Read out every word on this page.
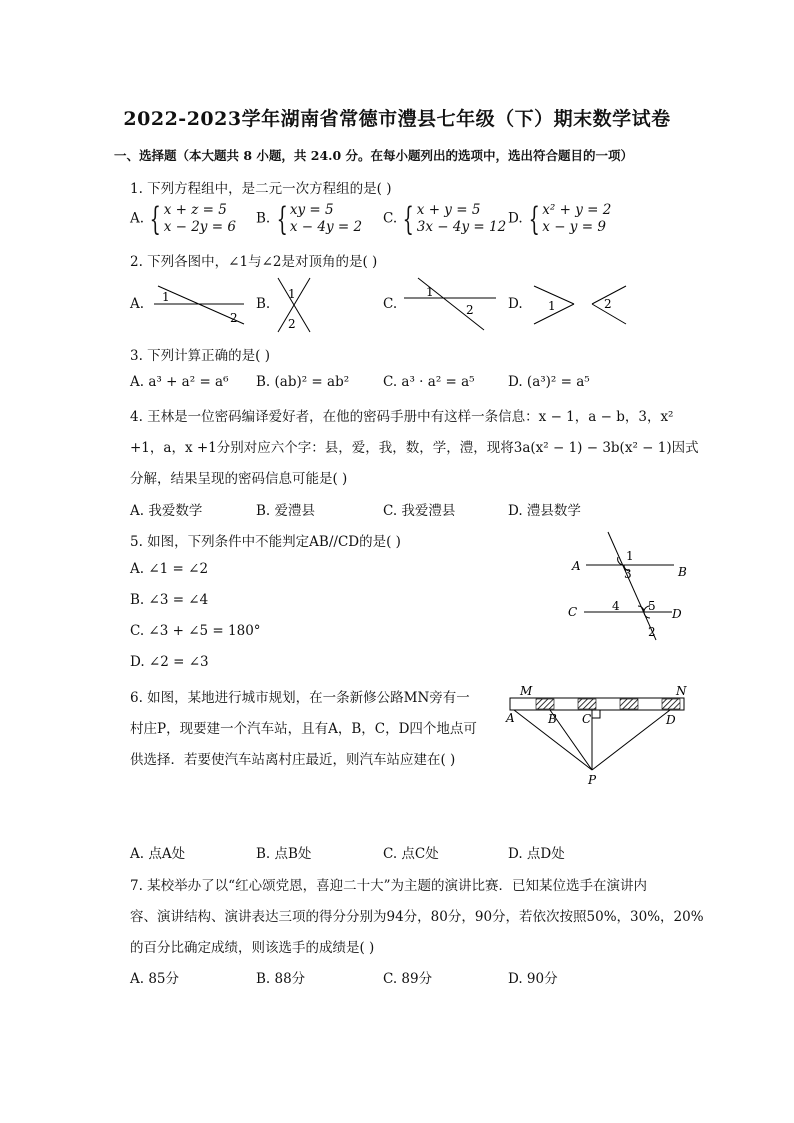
2022-2023学年湖南省常德市澧县七年级（下）期末数学试卷
一、选择题（本大题共 8 小题，共 24.0 分。在每小题列出的选项中，选出符合题目的一项）
1. 下列方程组中，是二元一次方程组的是( )
A. { x + z = 5
x − 2y = 6
B. { xy = 5
x − 4y = 2
C. { x + y = 5
3x − 4y = 12
D. { x² + y = 2
x − y = 9
2. 下列各图中，∠1与∠2是对顶角的是( )
A. 1
2
B.
1
2
C.
1
2	D. 1	2
3. 下列计算正确的是( )
A. a³ + a² = a⁶ B. (ab)² = ab²	C. a³ · a² = a⁵ D. (a³)² = a⁵
4. 王林是一位密码编译爱好者，在他的密码手册中有这样一条信息：x − 1，a − b，3，x²
+1，a，x +1分别对应六个字：县，爱，我，数，学，澧，现将3a(x² − 1) − 3b(x² − 1)因式
分解，结果呈现的密码信息可能是( )
A. 我爱数学	B. 爱澧县	C. 我爱澧县	D. 澧县数学
5. 如图，下列条件中不能判定AB//CD的是( )
A. ∠1 = ∠2
B. ∠3 = ∠4
C. ∠3 + ∠5 = 180°
D. ∠2 = ∠3
A	B
C	D
1
3
4 5
2
6. 如图，某地进行城市规划，在一条新修公路MN旁有一
村庄P，现要建一个汽车站，且有A，B，C，D四个地点可
供选择．若要使汽车站离村庄最近，则汽车站应建在( )
M	N
A	B C	D
P
A. 点A处	B. 点B处	C. 点C处	D. 点D处
7. 某校举办了以“红心颂党恩，喜迎二十大”为主题的演讲比赛．已知某位选手在演讲内
容、演讲结构、演讲表达三项的得分分别为94分，80分，90分，若依次按照50%，30%，20%
的百分比确定成绩，则该选手的成绩是( )
A. 85分	B. 88分	C. 89分	D. 90分
